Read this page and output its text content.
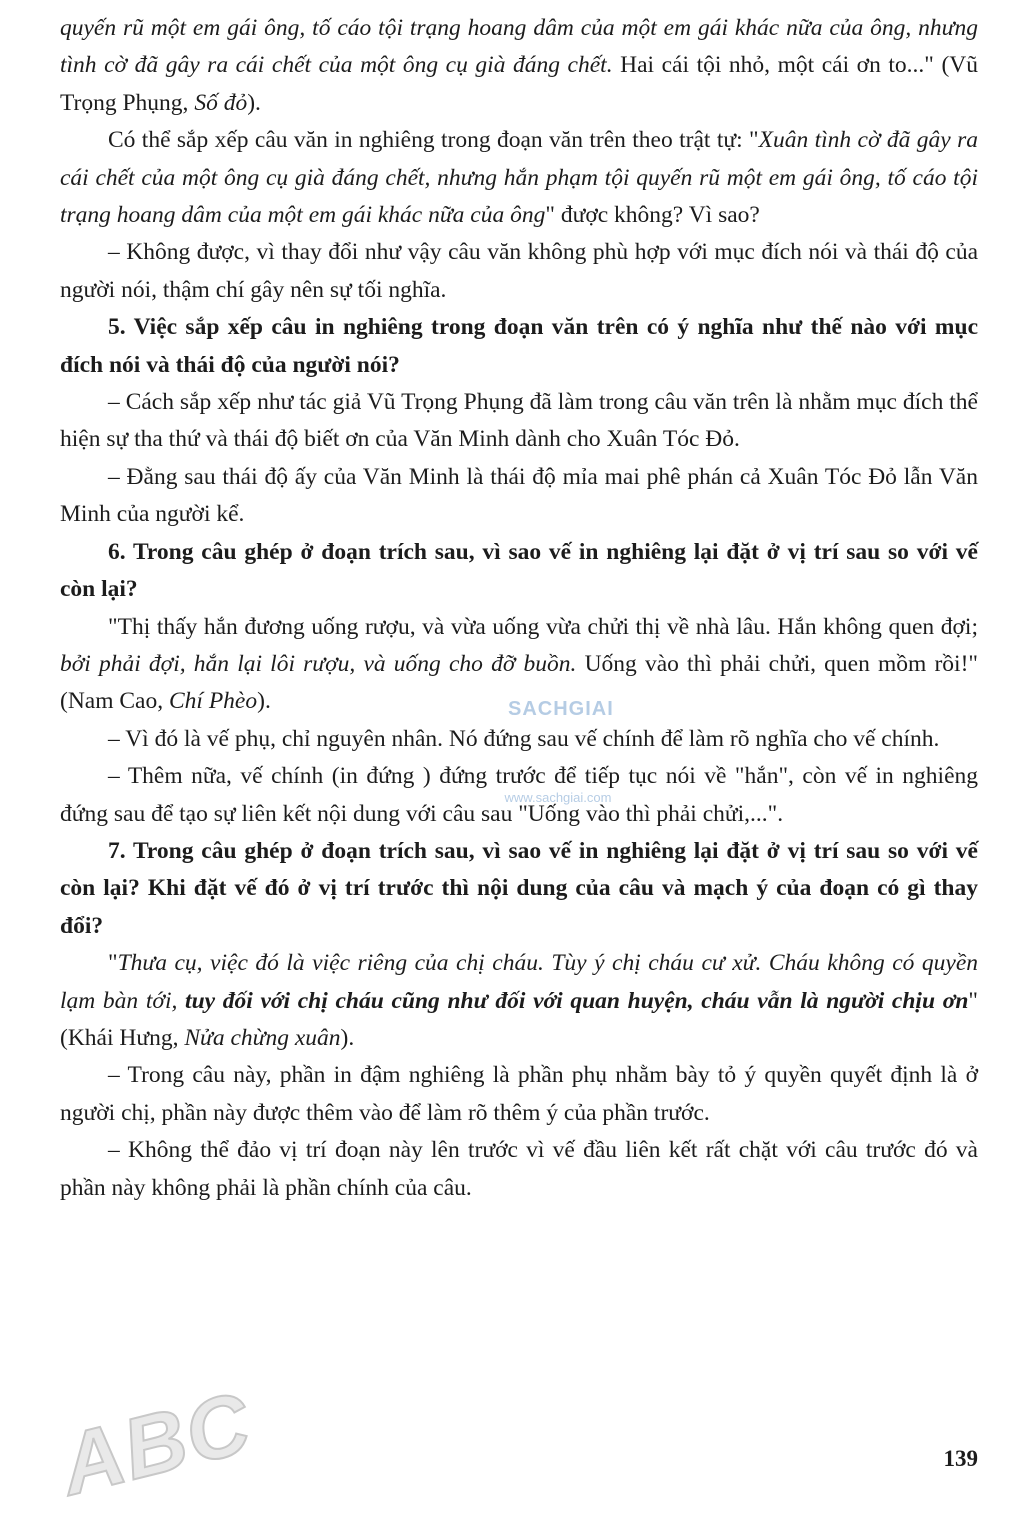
quyến rũ một em gái ông, tố cáo tội trạng hoang dâm của một em gái khác nữa của ông, nhưng tình cờ đã gây ra cái chết của một ông cụ già đáng chết. Hai cái tội nhỏ, một cái ơn to..." (Vũ Trọng Phụng, Số đỏ).

Có thể sắp xếp câu văn in nghiêng trong đoạn văn trên theo trật tự: "Xuân tình cờ đã gây ra cái chết của một ông cụ già đáng chết, nhưng hắn phạm tội quyến rũ một em gái ông, tố cáo tội trạng hoang dâm của một em gái khác nữa của ông" được không? Vì sao?

– Không được, vì thay đổi như vậy câu văn không phù hợp với mục đích nói và thái độ của người nói, thậm chí gây nên sự tối nghĩa.

5. Việc sắp xếp câu in nghiêng trong đoạn văn trên có ý nghĩa như thế nào với mục đích nói và thái độ của người nói?

– Cách sắp xếp như tác giả Vũ Trọng Phụng đã làm trong câu văn trên là nhằm mục đích thể hiện sự tha thứ và thái độ biết ơn của Văn Minh dành cho Xuân Tóc Đỏ.

– Đằng sau thái độ ấy của Văn Minh là thái độ mỉa mai phê phán cả Xuân Tóc Đỏ lẫn Văn Minh của người kể.

6. Trong câu ghép ở đoạn trích sau, vì sao vế in nghiêng lại đặt ở vị trí sau so với vế còn lại?

"Thị thấy hắn đương uống rượu, và vừa uống vừa chửi thị về nhà lâu. Hắn không quen đợi; bởi phải đợi, hắn lại lôi rượu, và uống cho đỡ buồn. Uống vào thì phải chửi, quen mồm rồi!" (Nam Cao, Chí Phèo).

– Vì đó là vế phụ, chỉ nguyên nhân. Nó đứng sau vế chính để làm rõ nghĩa cho vế chính.

– Thêm nữa, vế chính (in đứng ) đứng trước để tiếp tục nói về "hắn", còn vế in nghiêng đứng sau để tạo sự liên kết nội dung với câu sau "Uống vào thì phải chửi,...".

7. Trong câu ghép ở đoạn trích sau, vì sao vế in nghiêng lại đặt ở vị trí sau so với vế còn lại? Khi đặt vế đó ở vị trí trước thì nội dung của câu và mạch ý của đoạn có gì thay đổi?

"Thưa cụ, việc đó là việc riêng của chị cháu. Tùy ý chị cháu cư xử. Cháu không có quyền lạm bàn tới, tuy đối với chị cháu cũng như đối với quan huyện, cháu vẫn là người chịu ơn" (Khái Hưng, Nửa chừng xuân).

– Trong câu này, phần in đậm nghiêng là phần phụ nhằm bày tỏ ý quyền quyết định là ở người chị, phần này được thêm vào để làm rõ thêm ý của phần trước.

– Không thể đảo vị trí đoạn này lên trước vì vế đầu liên kết rất chặt với câu trước đó và phần này không phải là phần chính của câu.

SACHGIAI
www.sachgiai.com
ABC	139
